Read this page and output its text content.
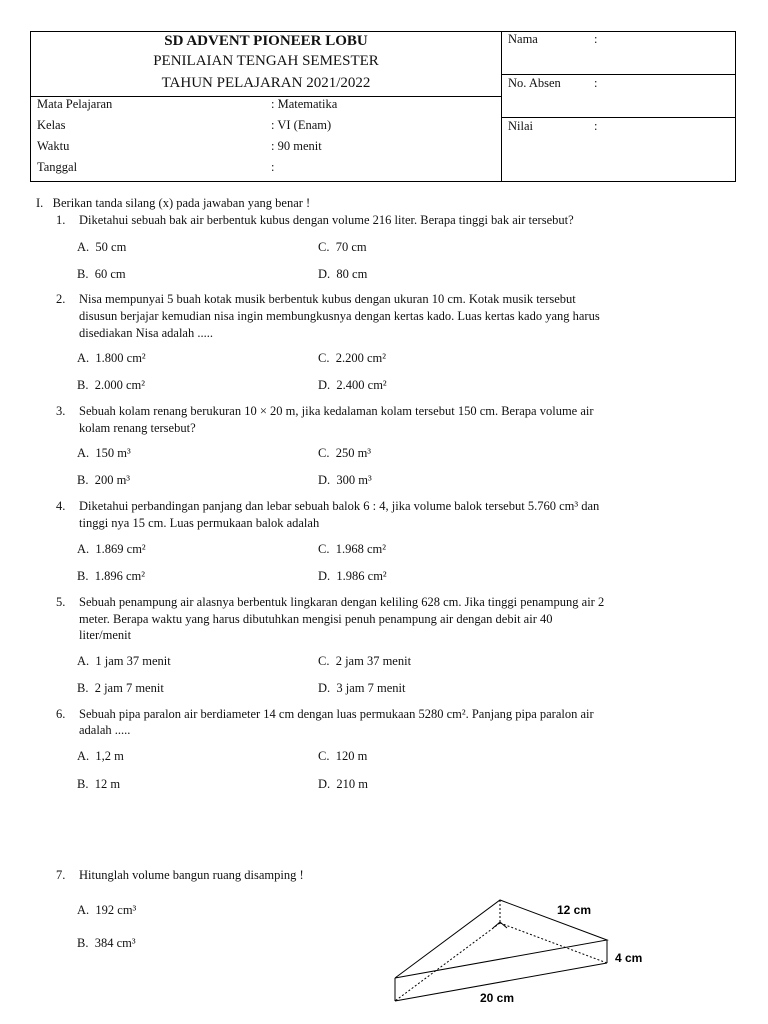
SD ADVENT PIONEER LOBU
PENILAIAN TENGAH SEMESTER
TAHUN PELAJARAN 2021/2022
Mata Pelajaran	: Matematika
Kelas	: VI (Enam)
Waktu	: 90 menit
Tanggal	:
Nama	:
No. Absen	:
Nilai	:
I.   Berikan tanda silang (x) pada jawaban yang benar !
1. Diketahui sebuah bak air berbentuk kubus dengan volume 216 liter. Berapa tinggi bak air tersebut?
A.  50 cm	C.  70 cm
B.  60 cm	D.  80 cm
2. Nisa mempunyai 5 buah kotak musik berbentuk kubus dengan ukuran 10 cm. Kotak musik tersebut
disusun berjajar kemudian nisa ingin membungkusnya dengan kertas kado. Luas kertas kado yang harus
disediakan Nisa adalah .....
A.  1.800 cm²	C.  2.200 cm²
B.  2.000 cm²	D.  2.400 cm²
3. Sebuah kolam renang berukuran 10 × 20 m, jika kedalaman kolam tersebut 150 cm. Berapa volume air
kolam renang tersebut?
A.  150 m³	C.  250 m³
B.  200 m³	D.  300 m³
4. Diketahui perbandingan panjang dan lebar sebuah balok 6 : 4, jika volume balok tersebut 5.760 cm³ dan
tinggi nya 15 cm. Luas permukaan balok adalah
A.  1.869 cm²	C.  1.968 cm²
B.  1.896 cm²	D.  1.986 cm²
5. Sebuah penampung air alasnya berbentuk lingkaran dengan keliling 628 cm. Jika tinggi penampung air 2
meter. Berapa waktu yang harus dibutuhkan mengisi penuh penampung air dengan debit air 40
liter/menit
A.  1 jam 37 menit	C.  2 jam 37 menit
B.  2 jam 7 menit	D.  3 jam 7 menit
6. Sebuah pipa paralon air berdiameter 14 cm dengan luas permukaan 5280 cm². Panjang pipa paralon air
adalah .....
A.  1,2 m	C.  120 m
B.  12 m	D.  210 m
7. Hitunglah volume bangun ruang disamping !
A.  192 cm³
B.  384 cm³
12 cm
4 cm
20 cm
